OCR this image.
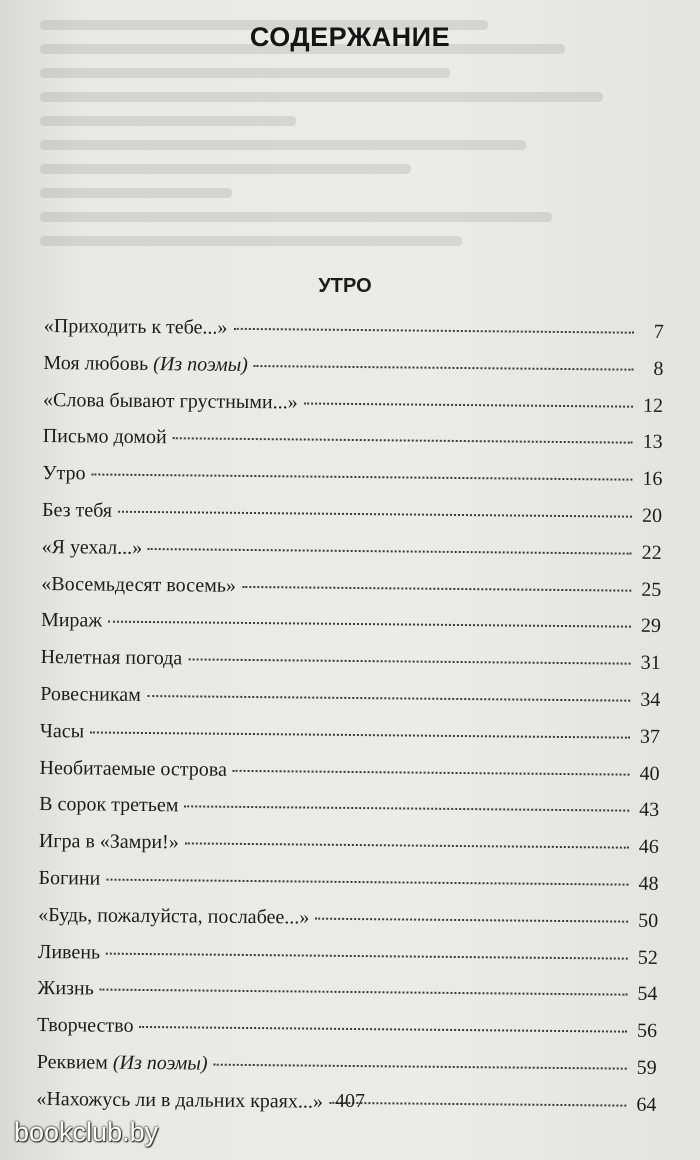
СОДЕРЖАНИЕ
УТРО
«Приходить к тебе...»	7
Моя любовь (Из поэмы)	8
«Слова бывают грустными...»	12
Письмо домой	13
Утро	16
Без тебя	20
«Я уехал...»	22
«Восемьдесят восемь»	25
Мираж	29
Нелетная погода	31
Ровесникам	34
Часы	37
Необитаемые острова	40
В сорок третьем	43
Игра в «Замри!»	46
Богини	48
«Будь, пожалуйста, послабее...»	50
Ливень	52
Жизнь	54
Творчество	56
Реквием (Из поэмы)	59
«Нахожусь ли в дальних краях...»	64
407
bookclub.by
